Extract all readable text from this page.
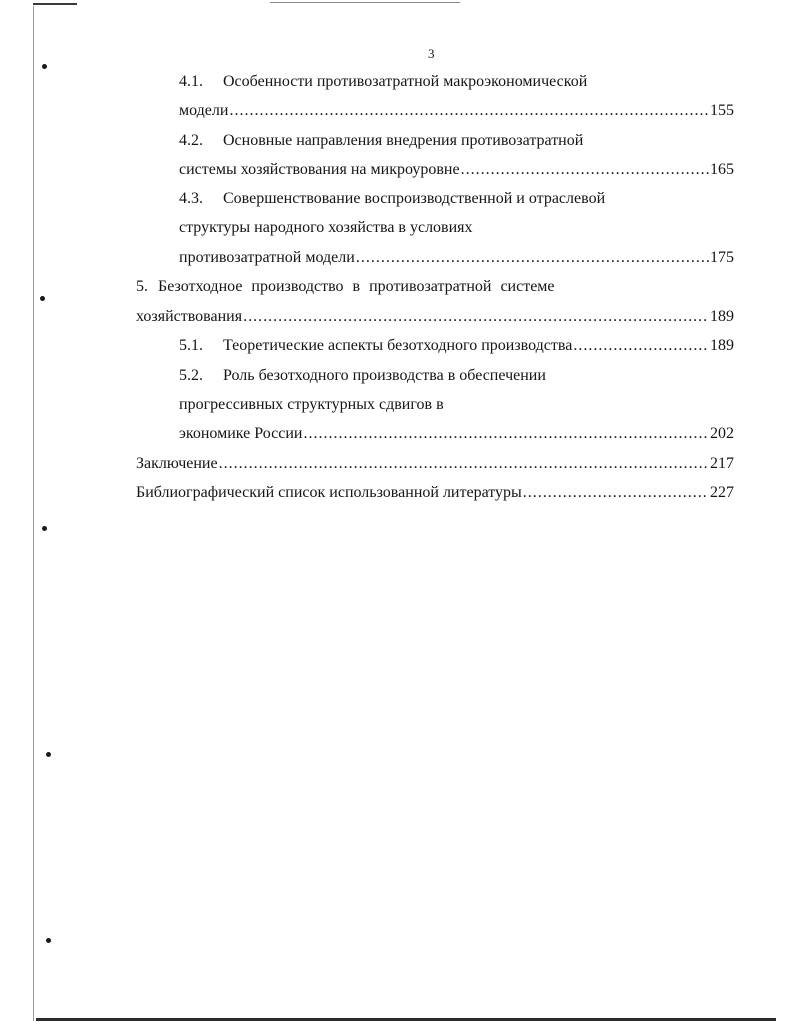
3
4.1.	Особенности противозатратной макроэкономической
модели .....	155
4.2.	Основные направления внедрения противозатратной
системы хозяйствования на микроуровне .....	165
4.3.	Совершенствование воспроизводственной и отраслевой
структуры народного хозяйства в условиях
противозатратной модели .....	175
5. Безотходное производство в противозатратной системе
хозяйствования .....	189
5.1.	Теоретические аспекты безотходного производства .....	189
5.2.	Роль безотходного производства в обеспечении
прогрессивных структурных сдвигов в
экономике России .....	202
Заключение .....	217
Библиографический список использованной литературы .....	227
